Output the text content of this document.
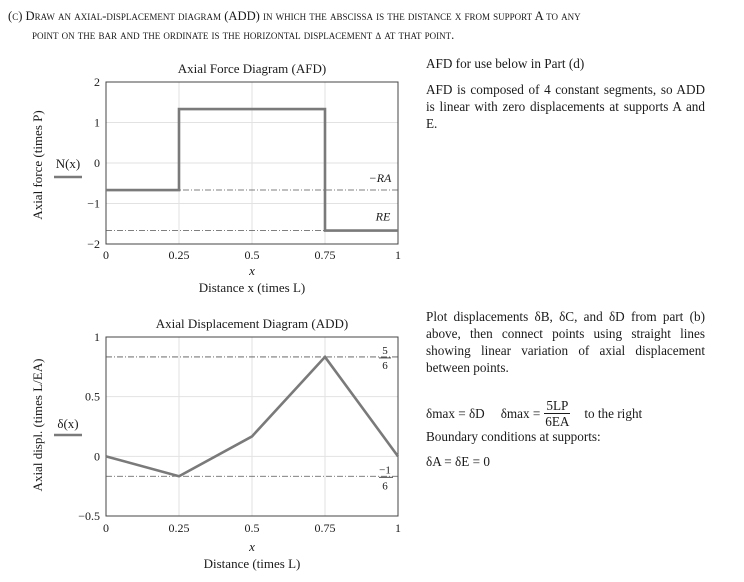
(c) Draw an axial-displacement diagram (ADD) in which the abscissa is the distance x from support A to any
point on the bar and the ordinate is the horizontal displacement δ at that point.
AFD for use below in Part (d)
AFD is composed of 4 constant segments, so ADD is linear with zero displacements at supports A and E.
Plot displacements δB, δC, and δD from part (b) above, then connect points using straight lines showing linear variation of axial displacement between points.
δmax = δD $\delta\max = \frac{5LP}{6EA}$ to the right
Boundary conditions at supports:
δA = δE = 0
0	0.25	0.5	0.75	1
2
1
0
−1
−2
Axial Force Diagram (AFD)
x
Distance x (times L)
Axial force (times P) N(x)
0	0.25	0.5	0.75	1
1
0.5
0
−0.5
Axial Displacement Diagram (ADD)
x
Distance (times L)
Axial displ. (times L/EA) δ(x)
−RA
RE
5
6
−1
6
